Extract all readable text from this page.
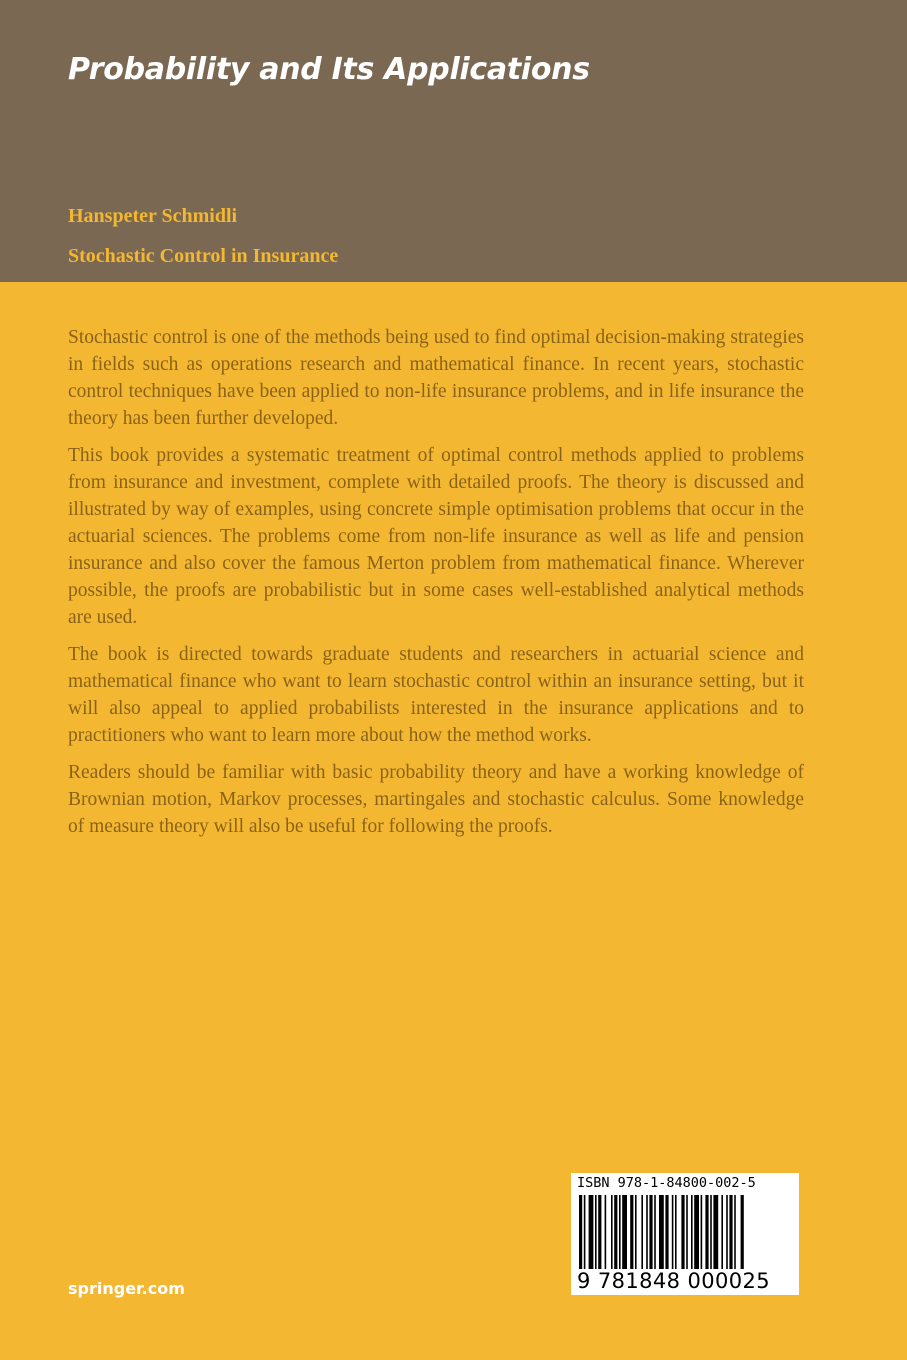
Probability and Its Applications
Hanspeter Schmidli
Stochastic Control in Insurance

Stochastic control is one of the methods being used to find optimal decision-making strategies in fields such as operations research and mathematical finance. In recent years, stochastic control techniques have been applied to non-life insurance problems, and in life insurance the theory has been further developed.

This book provides a systematic treatment of optimal control methods applied to problems from insurance and investment, complete with detailed proofs. The theory is discussed and illustrated by way of examples, using concrete simple optimisation problems that occur in the actuarial sciences. The problems come from non-life insurance as well as life and pension insurance and also cover the famous Merton problem from mathematical finance. Wherever possible, the proofs are probabilistic but in some cases well-established analytical methods are used.

The book is directed towards graduate students and researchers in actuarial science and mathematical finance who want to learn stochastic control within an insurance setting, but it will also appeal to applied probabilists interested in the insurance applications and to practitioners who want to learn more about how the method works.

Readers should be familiar with basic probability theory and have a working knowledge of Brownian motion, Markov processes, martingales and stochastic calculus. Some knowledge of measure theory will also be useful for following the proofs.

springer.com
ISBN 978-1-84800-002-5
9 781848 000025
